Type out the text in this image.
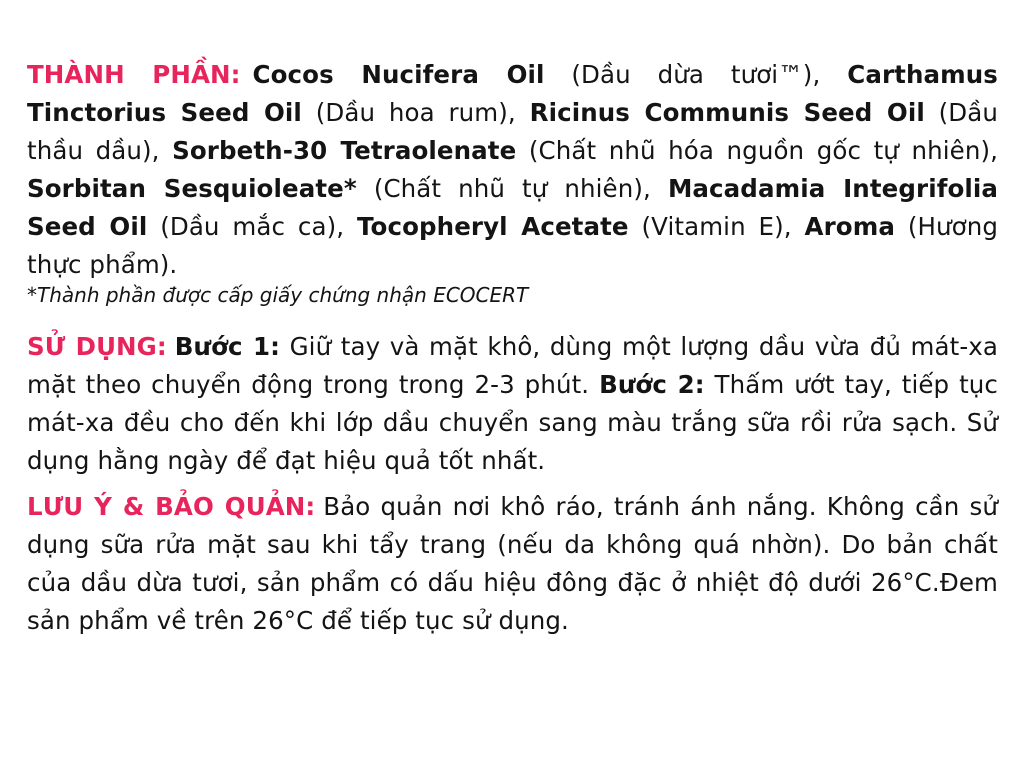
THÀNH PHẦN: Cocos Nucifera Oil (Dầu dừa tươi™), Carthamus Tinctorius Seed Oil (Dầu hoa rum), Ricinus Communis Seed Oil (Dầu thầu dầu), Sorbeth-30 Tetraolenate (Chất nhũ hóa nguồn gốc tự nhiên), Sorbitan Sesquioleate* (Chất nhũ tự nhiên), Macadamia Integrifolia Seed Oil (Dầu mắc ca), Tocopheryl Acetate (Vitamin E), Aroma (Hương thực phẩm).
*Thành phần được cấp giấy chứng nhận ECOCERT
SỬ DỤNG: Bước 1: Giữ tay và mặt khô, dùng một lượng dầu vừa đủ mát-xa mặt theo chuyển động trong trong 2-3 phút. Bước 2: Thấm ướt tay, tiếp tục mát-xa đều cho đến khi lớp dầu chuyển sang màu trắng sữa rồi rửa sạch. Sử dụng hằng ngày để đạt hiệu quả tốt nhất.
LƯU Ý & BẢO QUẢN: Bảo quản nơi khô ráo, tránh ánh nắng. Không cần sử dụng sữa rửa mặt sau khi tẩy trang (nếu da không quá nhờn). Do bản chất của dầu dừa tươi, sản phẩm có dấu hiệu đông đặc ở nhiệt độ dưới 26°C.Đem sản phẩm về trên 26°C để tiếp tục sử dụng.
